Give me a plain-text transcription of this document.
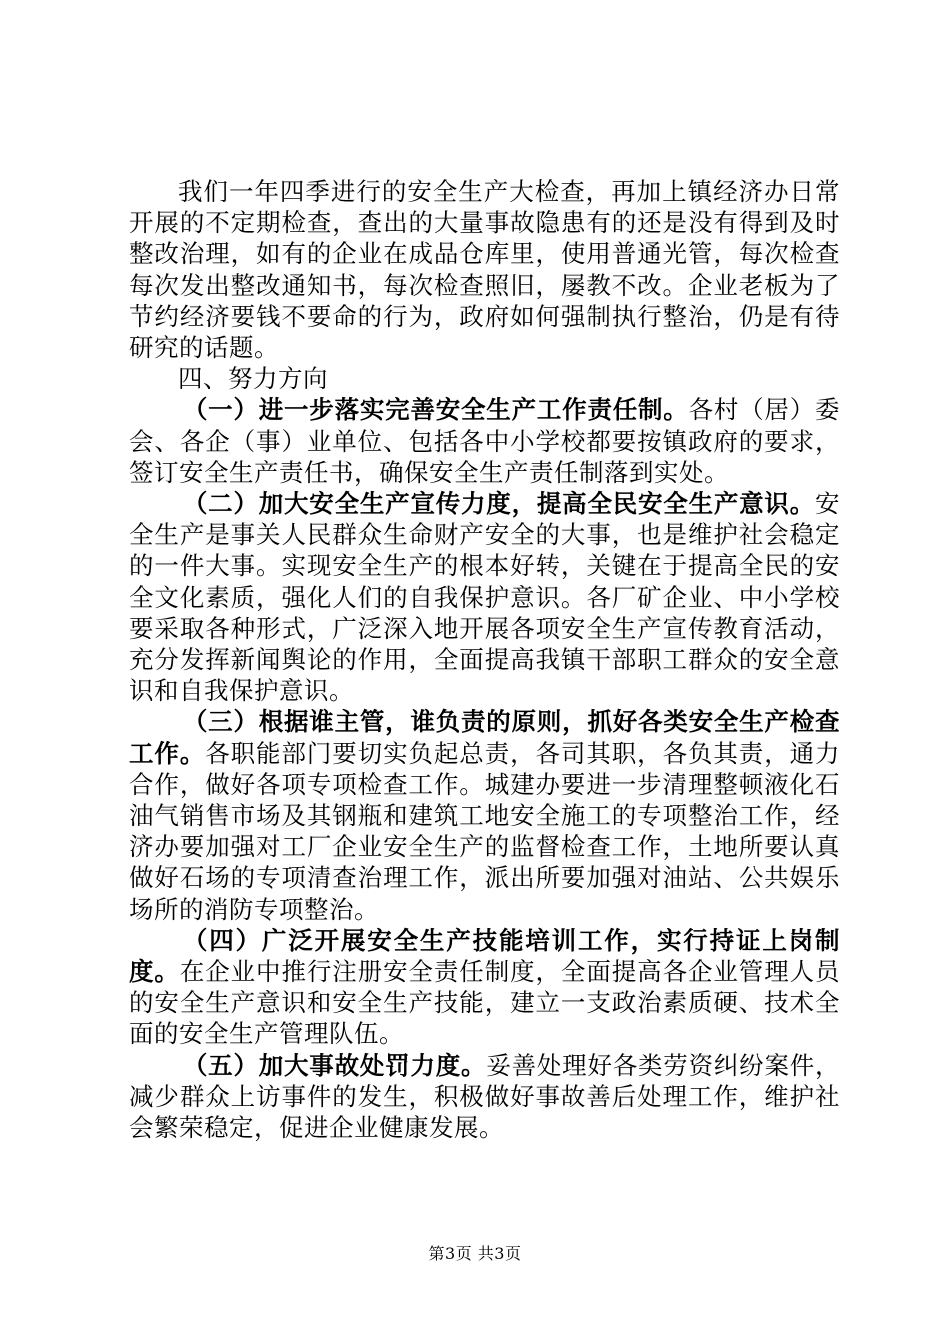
我们一年四季进行的安全生产大检查，再加上镇经济办日常开展的不定期检查，查出的大量事故隐患有的还是没有得到及时整改治理，如有的企业在成品仓库里，使用普通光管，每次检查每次发出整改通知书，每次检查照旧，屡教不改。企业老板为了节约经济要钱不要命的行为，政府如何强制执行整治，仍是有待研究的话题。

四、努力方向

（一）进一步落实完善安全生产工作责任制。各村（居）委会、各企（事）业单位、包括各中小学校都要按镇政府的要求，签订安全生产责任书，确保安全生产责任制落到实处。

（二）加大安全生产宣传力度，提高全民安全生产意识。安全生产是事关人民群众生命财产安全的大事，也是维护社会稳定的一件大事。实现安全生产的根本好转，关键在于提高全民的安全文化素质，强化人们的自我保护意识。各厂矿企业、中小学校要采取各种形式，广泛深入地开展各项安全生产宣传教育活动，充分发挥新闻舆论的作用，全面提高我镇干部职工群众的安全意识和自我保护意识。

（三）根据谁主管，谁负责的原则，抓好各类安全生产检查工作。各职能部门要切实负起总责，各司其职，各负其责，通力合作，做好各项专项检查工作。城建办要进一步清理整顿液化石油气销售市场及其钢瓶和建筑工地安全施工的专项整治工作，经济办要加强对工厂企业安全生产的监督检查工作，土地所要认真做好石场的专项清查治理工作，派出所要加强对油站、公共娱乐场所的消防专项整治。

（四）广泛开展安全生产技能培训工作，实行持证上岗制度。在企业中推行注册安全责任制度，全面提高各企业管理人员的安全生产意识和安全生产技能，建立一支政治素质硬、技术全面的安全生产管理队伍。

（五）加大事故处罚力度。妥善处理好各类劳资纠纷案件，减少群众上访事件的发生，积极做好事故善后处理工作，维护社会繁荣稳定，促进企业健康发展。

第3页 共3页
